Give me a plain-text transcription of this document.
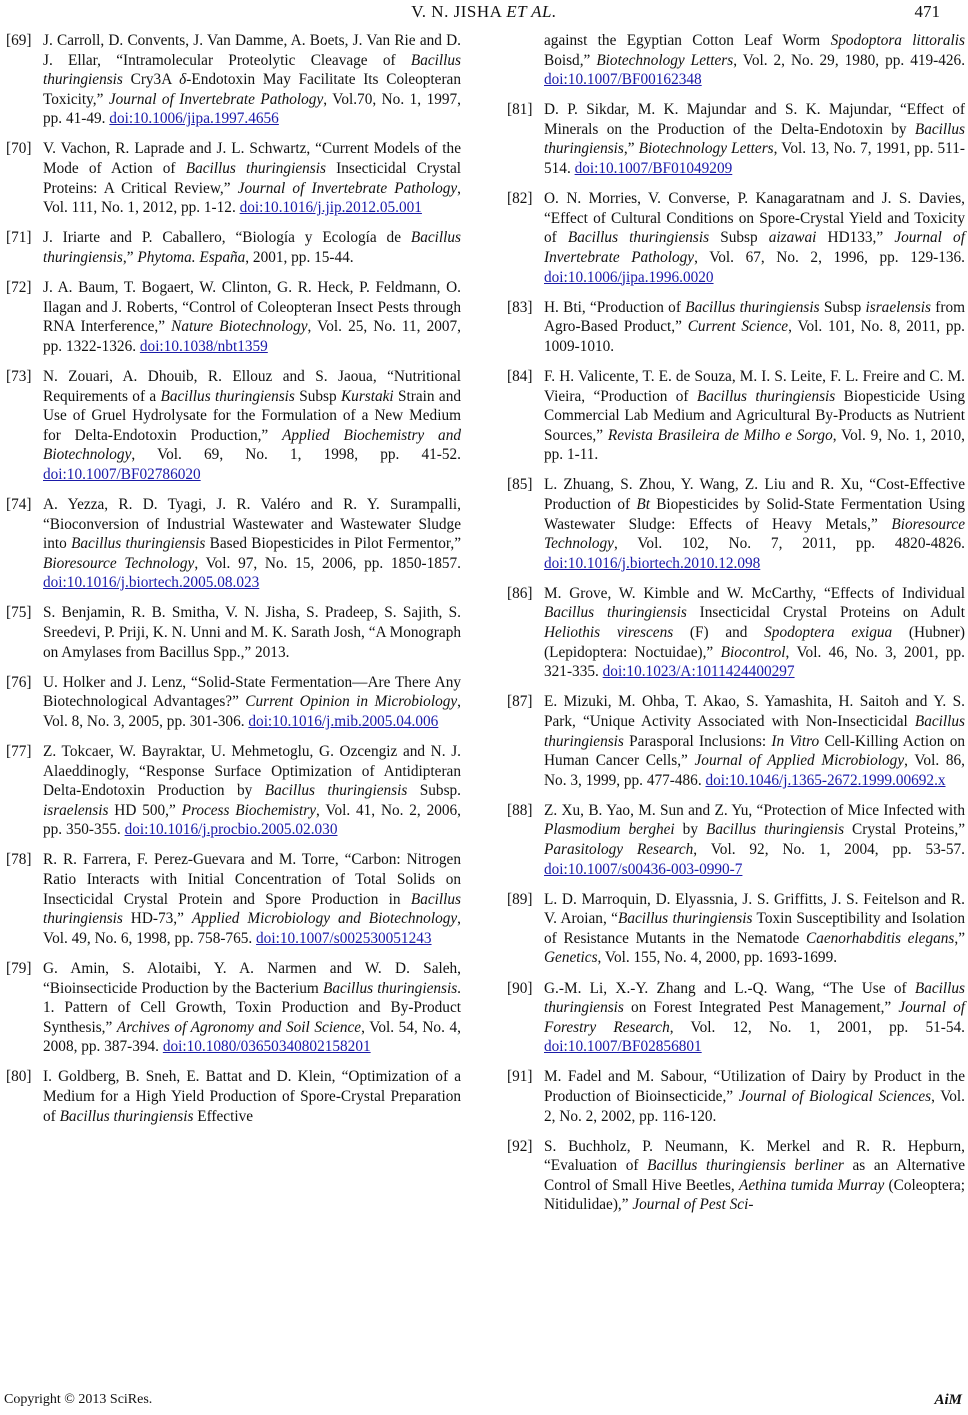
V. N. JISHA ET AL.	471
[69] J. Carroll, D. Convents, J. Van Damme, A. Boets, J. Van Rie and D. J. Ellar, “Intramolecular Proteolytic Cleavage of Bacillus thuringiensis Cry3A δ-Endotoxin May Facilitate Its Coleopteran Toxicity,” Journal of Invertebrate Pathology, Vol.70, No. 1, 1997, pp. 41-49. doi:10.1006/jipa.1997.4656
[70] V. Vachon, R. Laprade and J. L. Schwartz, “Current Models of the Mode of Action of Bacillus thuringiensis Insecticidal Crystal Proteins: A Critical Review,” Journal of Invertebrate Pathology, Vol. 111, No. 1, 2012, pp. 1-12. doi:10.1016/j.jip.2012.05.001
[71] J. Iriarte and P. Caballero, “Biología y Ecología de Bacillus thuringiensis,” Phytoma. España, 2001, pp. 15-44.
[72] J. A. Baum, T. Bogaert, W. Clinton, G. R. Heck, P. Feldmann, O. Ilagan and J. Roberts, “Control of Coleopteran Insect Pests through RNA Interference,” Nature Biotechnology, Vol. 25, No. 11, 2007, pp. 1322-1326. doi:10.1038/nbt1359
[73] N. Zouari, A. Dhouib, R. Ellouz and S. Jaoua, “Nutritional Requirements of a Bacillus thuringiensis Subsp Kurstaki Strain and Use of Gruel Hydrolysate for the Formulation of a New Medium for Delta-Endotoxin Production,” Applied Biochemistry and Biotechnology, Vol. 69, No. 1, 1998, pp. 41-52. doi:10.1007/BF02786020
[74] A. Yezza, R. D. Tyagi, J. R. Valéro and R. Y. Surampalli, “Bioconversion of Industrial Wastewater and Wastewater Sludge into Bacillus thuringiensis Based Biopesticides in Pilot Fermentor,” Bioresource Technology, Vol. 97, No. 15, 2006, pp. 1850-1857. doi:10.1016/j.biortech.2005.08.023
[75] S. Benjamin, R. B. Smitha, V. N. Jisha, S. Pradeep, S. Sajith, S. Sreedevi, P. Priji, K. N. Unni and M. K. Sarath Josh, “A Monograph on Amylases from Bacillus Spp.,” 2013.
[76] U. Holker and J. Lenz, “Solid-State Fermentation—Are There Any Biotechnological Advantages?” Current Opinion in Microbiology, Vol. 8, No. 3, 2005, pp. 301-306. doi:10.1016/j.mib.2005.04.006
[77] Z. Tokcaer, W. Bayraktar, U. Mehmetoglu, G. Ozcengiz and N. J. Alaeddinogly, “Response Surface Optimization of Antidipteran Delta-Endotoxin Production by Bacillus thuringiensis Subsp. israelensis HD 500,” Process Biochemistry, Vol. 41, No. 2, 2006, pp. 350-355. doi:10.1016/j.procbio.2005.02.030
[78] R. R. Farrera, F. Perez-Guevara and M. Torre, “Carbon: Nitrogen Ratio Interacts with Initial Concentration of Total Solids on Insecticidal Crystal Protein and Spore Production in Bacillus thuringiensis HD-73,” Applied Microbiology and Biotechnology, Vol. 49, No. 6, 1998, pp. 758-765. doi:10.1007/s002530051243
[79] G. Amin, S. Alotaibi, Y. A. Narmen and W. D. Saleh, “Bioinsecticide Production by the Bacterium Bacillus thuringiensis. 1. Pattern of Cell Growth, Toxin Production and By-Product Synthesis,” Archives of Agronomy and Soil Science, Vol. 54, No. 4, 2008, pp. 387-394. doi:10.1080/03650340802158201
[80] I. Goldberg, B. Sneh, E. Battat and D. Klein, “Optimization of a Medium for a High Yield Production of Spore-Crystal Preparation of Bacillus thuringiensis Effective
against the Egyptian Cotton Leaf Worm Spodoptora littoralis Boisd,” Biotechnology Letters, Vol. 2, No. 29, 1980, pp. 419-426. doi:10.1007/BF00162348
[81] D. P. Sikdar, M. K. Majundar and S. K. Majundar, “Effect of Minerals on the Production of the Delta-Endotoxin by Bacillus thuringiensis,” Biotechnology Letters, Vol. 13, No. 7, 1991, pp. 511-514. doi:10.1007/BF01049209
[82] O. N. Morries, V. Converse, P. Kanagaratnam and J. S. Davies, “Effect of Cultural Conditions on Spore-Crystal Yield and Toxicity of Bacillus thuringiensis Subsp aizawai HD133,” Journal of Invertebrate Pathology, Vol. 67, No. 2, 1996, pp. 129-136. doi:10.1006/jipa.1996.0020
[83] H. Bti, “Production of Bacillus thuringiensis Subsp israelensis from Agro-Based Product,” Current Science, Vol. 101, No. 8, 2011, pp. 1009-1010.
[84] F. H. Valicente, T. E. de Souza, M. I. S. Leite, F. L. Freire and C. M. Vieira, “Production of Bacillus thuringiensis Biopesticide Using Commercial Lab Medium and Agricultural By-Products as Nutrient Sources,” Revista Brasileira de Milho e Sorgo, Vol. 9, No. 1, 2010, pp. 1-11.
[85] L. Zhuang, S. Zhou, Y. Wang, Z. Liu and R. Xu, “Cost-Effective Production of Bt Biopesticides by Solid-State Fermentation Using Wastewater Sludge: Effects of Heavy Metals,” Bioresource Technology, Vol. 102, No. 7, 2011, pp. 4820-4826. doi:10.1016/j.biortech.2010.12.098
[86] M. Grove, W. Kimble and W. McCarthy, “Effects of Individual Bacillus thuringiensis Insecticidal Crystal Proteins on Adult Heliothis virescens (F) and Spodoptera exigua (Hubner) (Lepidoptera: Noctuidae),” Biocontrol, Vol. 46, No. 3, 2001, pp. 321-335. doi:10.1023/A:1011424400297
[87] E. Mizuki, M. Ohba, T. Akao, S. Yamashita, H. Saitoh and Y. S. Park, “Unique Activity Associated with Non-Insecticidal Bacillus thuringiensis Parasporal Inclusions: In Vitro Cell-Killing Action on Human Cancer Cells,” Journal of Applied Microbiology, Vol. 86, No. 3, 1999, pp. 477-486. doi:10.1046/j.1365-2672.1999.00692.x
[88] Z. Xu, B. Yao, M. Sun and Z. Yu, “Protection of Mice Infected with Plasmodium berghei by Bacillus thuringiensis Crystal Proteins,” Parasitology Research, Vol. 92, No. 1, 2004, pp. 53-57. doi:10.1007/s00436-003-0990-7
[89] L. D. Marroquin, D. Elyassnia, J. S. Griffitts, J. S. Feitelson and R. V. Aroian, “Bacillus thuringiensis Toxin Susceptibility and Isolation of Resistance Mutants in the Nematode Caenorhabditis elegans,” Genetics, Vol. 155, No. 4, 2000, pp. 1693-1699.
[90] G.-M. Li, X.-Y. Zhang and L.-Q. Wang, “The Use of Bacillus thuringiensis on Forest Integrated Pest Management,” Journal of Forestry Research, Vol. 12, No. 1, 2001, pp. 51-54. doi:10.1007/BF02856801
[91] M. Fadel and M. Sabour, “Utilization of Dairy by Product in the Production of Bioinsecticide,” Journal of Biological Sciences, Vol. 2, No. 2, 2002, pp. 116-120.
[92] S. Buchholz, P. Neumann, K. Merkel and R. R. Hepburn, “Evaluation of Bacillus thuringiensis berliner as an Alternative Control of Small Hive Beetles, Aethina tumida Murray (Coleoptera; Nitidulidae),” Journal of Pest Sci-
Copyright © 2013 SciRes.	AiM
